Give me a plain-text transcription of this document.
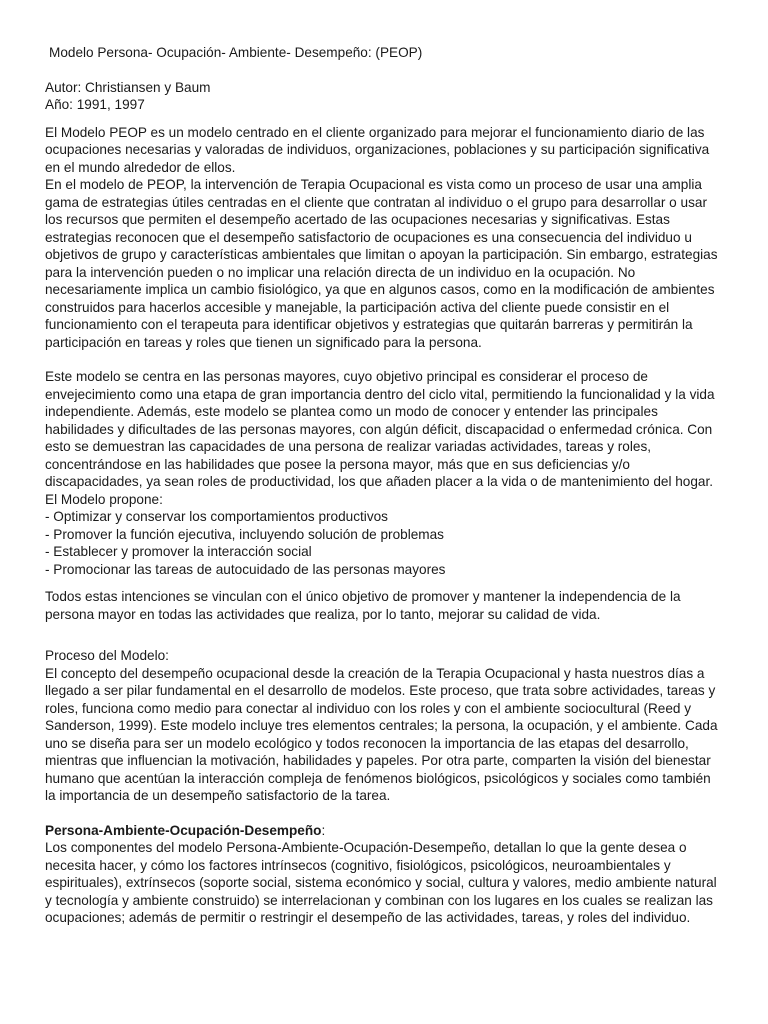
Modelo Persona- Ocupación- Ambiente- Desempeño: (PEOP)

Autor: Christiansen y Baum

Año: 1991, 1997

El Modelo PEOP es un modelo centrado en el cliente organizado para mejorar el funcionamiento diario de las ocupaciones necesarias y valoradas de individuos, organizaciones, poblaciones y su participación significativa en el mundo alrededor de ellos.

En el modelo de PEOP, la intervención de Terapia Ocupacional es vista como un proceso de usar una amplia gama de estrategias útiles centradas en el cliente que contratan al individuo o el grupo para desarrollar o usar los recursos que permiten el desempeño acertado de las ocupaciones necesarias y significativas. Estas estrategias reconocen que el desempeño satisfactorio de ocupaciones es una consecuencia del individuo u objetivos de grupo y características ambientales que limitan o apoyan la participación. Sin embargo, estrategias para la intervención pueden o no implicar una relación directa de un individuo en la ocupación. No necesariamente implica un cambio fisiológico, ya que en algunos casos, como en la modificación de ambientes construidos para hacerlos accesible y manejable, la participación activa del cliente puede consistir en el funcionamiento con el terapeuta para identificar objetivos y estrategias que quitarán barreras y permitirán la participación en tareas y roles que tienen un significado para la persona.

Este modelo se centra en las personas mayores, cuyo objetivo principal es considerar el proceso de envejecimiento como una etapa de gran importancia dentro del ciclo vital, permitiendo la funcionalidad y la vida independiente. Además, este modelo se plantea como un modo de conocer y entender las principales habilidades y dificultades de las personas mayores, con algún déficit, discapacidad o enfermedad crónica. Con esto se demuestran las capacidades de una persona de realizar variadas actividades, tareas y roles, concentrándose en las habilidades que posee la persona mayor, más que en sus deficiencias y/o discapacidades, ya sean roles de productividad, los que añaden placer a la vida o de mantenimiento del hogar.

El Modelo propone:

- Optimizar y conservar los comportamientos productivos
- Promover la función ejecutiva, incluyendo solución de problemas
- Establecer y promover la interacción social
- Promocionar las tareas de autocuidado de las personas mayores

Todos estas intenciones se vinculan con el único objetivo de promover y mantener la independencia de la persona mayor en todas las actividades que realiza, por lo tanto, mejorar su calidad de vida.

Proceso del Modelo:

El concepto del desempeño ocupacional desde la creación de la Terapia Ocupacional y hasta nuestros días a llegado a ser pilar fundamental en el desarrollo de modelos. Este proceso, que trata sobre actividades, tareas y roles, funciona como medio para conectar al individuo con los roles y con el ambiente sociocultural (Reed y Sanderson, 1999). Este modelo incluye tres elementos centrales; la persona, la ocupación, y el ambiente. Cada uno se diseña para ser un modelo ecológico y todos reconocen la importancia de las etapas del desarrollo, mientras que influencian la motivación, habilidades y papeles. Por otra parte, comparten la visión del bienestar humano que acentúan la interacción compleja de fenómenos biológicos, psicológicos y sociales como también la importancia de un desempeño satisfactorio de la tarea.

Persona-Ambiente-Ocupación-Desempeño:

Los componentes del modelo Persona-Ambiente-Ocupación-Desempeño, detallan lo que la gente desea o necesita hacer, y cómo los factores intrínsecos (cognitivo, fisiológicos, psicológicos, neuroambientales y espirituales), extrínsecos (soporte social, sistema económico y social, cultura y valores, medio ambiente natural y tecnología y ambiente construido) se interrelacionan y combinan con los lugares en los cuales se realizan las ocupaciones; además de permitir o restringir el desempeño de las actividades, tareas, y roles del individuo.
